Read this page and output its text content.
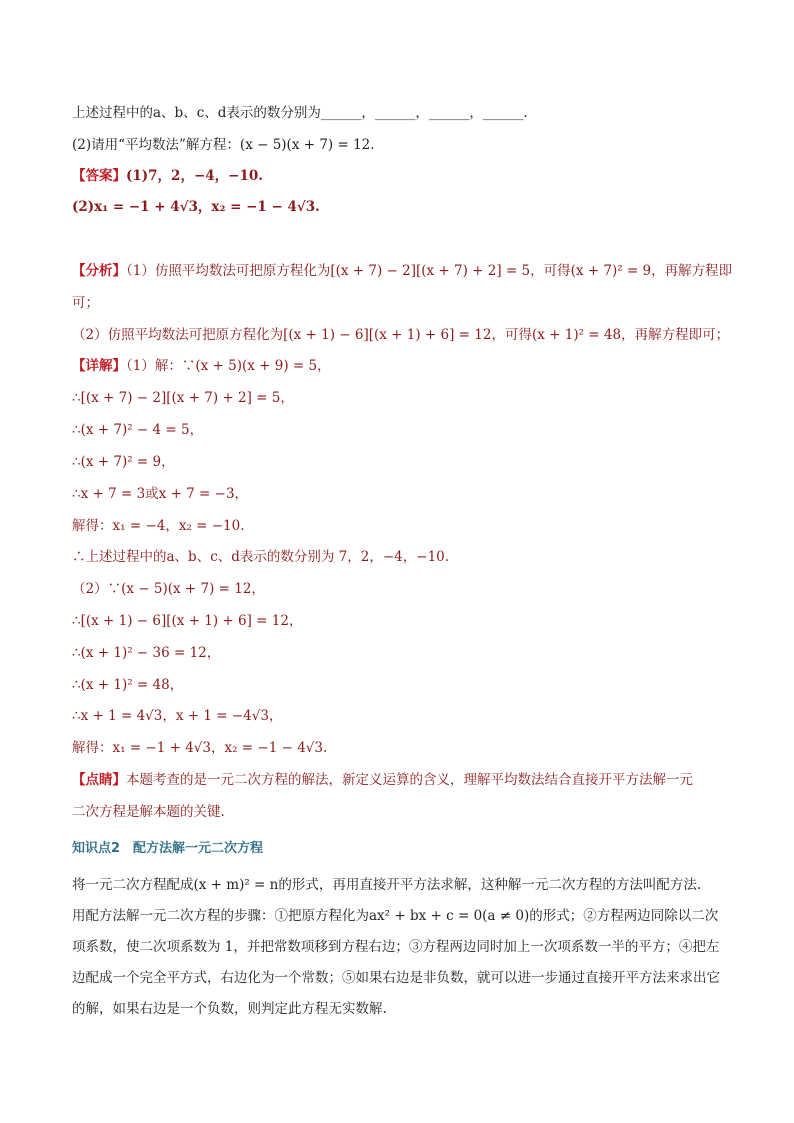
上述过程中的a、b、c、d表示的数分别为______，______，______，______.
(2)请用“平均数法”解方程：(x − 5)(x + 7) = 12.
【答案】(1)7，2，−4，−10.
(2)x₁ = −1 + 4√3，x₂ = −1 − 4√3.
【分析】（1）仿照平均数法可把原方程化为[(x + 7) − 2][(x + 7) + 2] = 5，可得(x + 7)² = 9，再解方程即
可；
（2）仿照平均数法可把原方程化为[(x + 1) − 6][(x + 1) + 6] = 12，可得(x + 1)² = 48，再解方程即可；
【详解】（1）解：∵(x + 5)(x + 9) = 5，
∴[(x + 7) − 2][(x + 7) + 2] = 5，
∴(x + 7)² − 4 = 5，
∴(x + 7)² = 9，
∴x + 7 = 3或x + 7 = −3，
解得：x₁ = −4，x₂ = −10.
∴上述过程中的a、b、c、d表示的数分别为 7，2，−4，−10.
（2）∵(x − 5)(x + 7) = 12，
∴[(x + 1) − 6][(x + 1) + 6] = 12，
∴(x + 1)² − 36 = 12，
∴(x + 1)² = 48，
∴x + 1 = 4√3，x + 1 = −4√3，
解得：x₁ = −1 + 4√3，x₂ = −1 − 4√3.
【点睛】本题考查的是一元二次方程的解法，新定义运算的含义，理解平均数法结合直接开平方法解一元
二次方程是解本题的关键.
知识点2　配方法解一元二次方程
将一元二次方程配成(x + m)² = n的形式，再用直接开平方法求解，这种解一元二次方程的方法叫配方法.
用配方法解一元二次方程的步骤：①把原方程化为ax² + bx + c = 0(a ≠ 0)的形式；②方程两边同除以二次项系数，使二次项系数为 1，并把常数项移到方程右边；③方程两边同时加上一次项系数一半的平方；④把左边配成一个完全平方式，右边化为一个常数；⑤如果右边是非负数，就可以进一步通过直接开平方法来求出它的解，如果右边是一个负数，则判定此方程无实数解.
